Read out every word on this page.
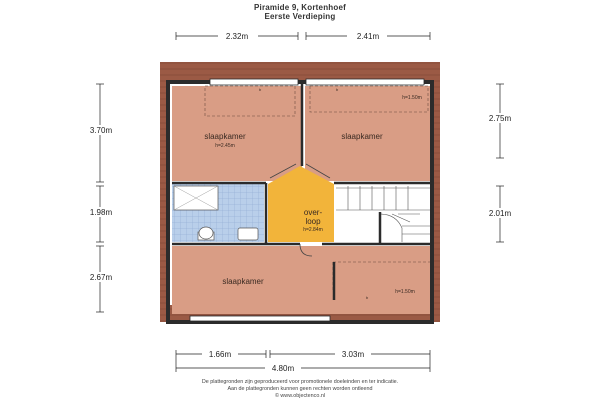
Piramide 9, Kortenhoef
Eerste Verdieping
slaapkamer
h=2.45m
slaapkamer
h=1.50m
over-
loop
h=2.84m
slaapkamer
h=1.50m
b	b
b
2.32m	2.41m
3.70m
1.98m
2.67m
2.75m
2.01m
1.66m	3.03m
4.80m
De plattegronden zijn geproduceerd voor promotionele doeleinden en ter indicatie.
Aan de plattegronden kunnen geen rechten worden ontleend
© www.objectenco.nl
